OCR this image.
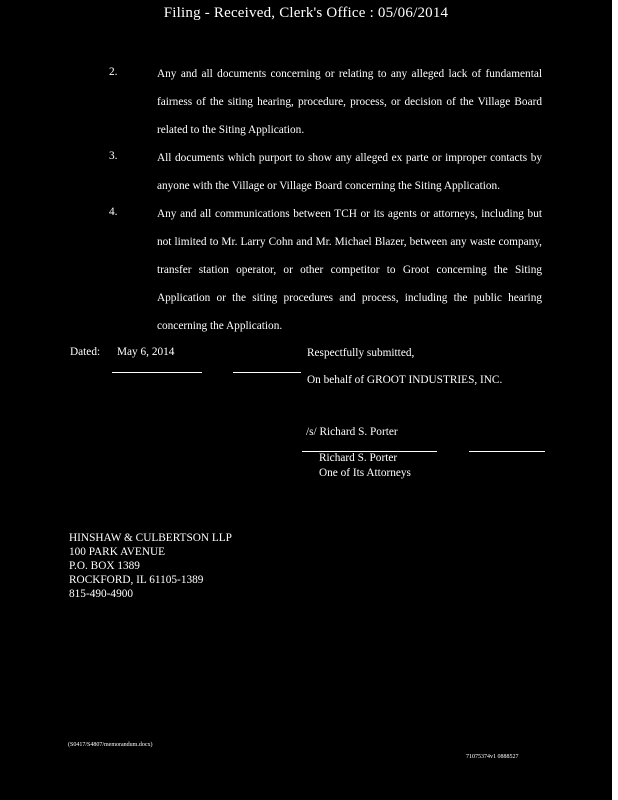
Filing - Received, Clerk's Office : 05/06/2014
2.	Any and all documents concerning or relating to any alleged lack of fundamental fairness of the siting hearing, procedure, process, or decision of the Village Board related to the Siting Application.
3.	All documents which purport to show any alleged ex parte or improper contacts by anyone with the Village or Village Board concerning the Siting Application.
4.	Any and all communications between TCH or its agents or attorneys, including but not limited to Mr. Larry Cohn and Mr. Michael Blazer, between any waste company, transfer station operator, or other competitor to Groot concerning the Siting Application or the siting procedures and process, including the public hearing concerning the Application.
Dated: May 6, 2014	Respectfully submitted,
On behalf of GROOT INDUSTRIES, INC.
/s/ Richard S. Porter
Richard S. Porter
One of Its Attorneys
HINSHAW & CULBERTSON LLP
100 PARK AVENUE
P.O. BOX 1389
ROCKFORD, IL 61105-1389
815-490-4900
(S0417/S4807/memorandum.docx)
71075374v1 0888527
